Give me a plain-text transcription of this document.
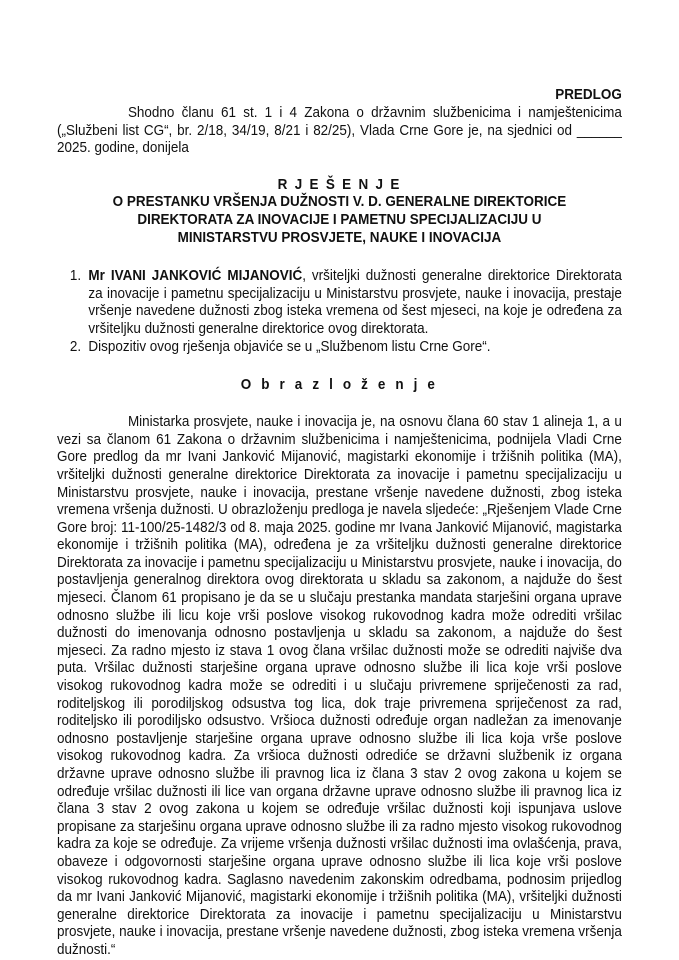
PREDLOG

Shodno članu 61 st. 1 i 4 Zakona o državnim službenicima i namještenicima („Službeni list CG“, br. 2/18, 34/19, 8/21 i 82/25), Vlada Crne Gore je, na sjednici od ______ 2025. godine, donijela

R J E Š E N J E
O PRESTANKU VRŠENJA DUŽNOSTI V. D. GENERALNE DIREKTORICE
DIREKTORATA ZA INOVACIJE I PAMETNU SPECIJALIZACIJU U
MINISTARSTVU PROSVJETE, NAUKE I INOVACIJA
1. Mr IVANI JANKOVIĆ MIJANOVIĆ, vršiteljki dužnosti generalne direktorice Direktorata za inovacije i pametnu specijalizaciju u Ministarstvu prosvjete, nauke i inovacija, prestaje vršenje navedene dužnosti zbog isteka vremena od šest mjeseci, na koje je određena za vršiteljku dužnosti generalne direktorice ovog direktorata.
2. Dispozitiv ovog rješenja objaviće se u „Službenom listu Crne Gore“.
O b r a z l o ž e n j e

Ministarka prosvjete, nauke i inovacija je, na osnovu člana 60 stav 1 alineja 1, a u vezi sa članom 61 Zakona o državnim službenicima i namještenicima, podnijela Vladi Crne Gore predlog da mr Ivani Janković Mijanović, magistarki ekonomije i tržišnih politika (MA), vršiteljki dužnosti generalne direktorice Direktorata za inovacije i pametnu specijalizaciju u Ministarstvu prosvjete, nauke i inovacija, prestane vršenje navedene dužnosti, zbog isteka vremena vršenja dužnosti. U obrazloženju predloga je navela sljedeće: „Rješenjem Vlade Crne Gore broj: 11-100/25-1482/3 od 8. maja 2025. godine mr Ivana Janković Mijanović, magistarka ekonomije i tržišnih politika (MA), određena je za vršiteljku dužnosti generalne direktorice Direktorata za inovacije i pametnu specijalizaciju u Ministarstvu prosvjete, nauke i inovacija, do postavljenja generalnog direktora ovog direktorata u skladu sa zakonom, a najduže do šest mjeseci. Članom 61 propisano je da se u slučaju prestanka mandata starješini organa uprave odnosno službe ili licu koje vrši poslove visokog rukovodnog kadra može odrediti vršilac dužnosti do imenovanja odnosno postavljenja u skladu sa zakonom, a najduže do šest mjeseci. Za radno mjesto iz stava 1 ovog člana vršilac dužnosti može se odrediti najviše dva puta. Vršilac dužnosti starješine organa uprave odnosno službe ili lica koje vrši poslove visokog rukovodnog kadra može se odrediti i u slučaju privremene spriječenosti za rad, roditeljskog ili porodiljskog odsustva tog lica, dok traje privremena spriječenost za rad, roditeljsko ili porodiljsko odsustvo. Vršioca dužnosti određuje organ nadležan za imenovanje odnosno postavljenje starješine organa uprave odnosno službe ili lica koja vrše poslove visokog rukovodnog kadra. Za vršioca dužnosti odrediće se državni službenik iz organa državne uprave odnosno službe ili pravnog lica iz člana 3 stav 2 ovog zakona u kojem se određuje vršilac dužnosti ili lice van organa državne uprave odnosno službe ili pravnog lica iz člana 3 stav 2 ovog zakona u kojem se određuje vršilac dužnosti koji ispunjava uslove propisane za starješinu organa uprave odnosno službe ili za radno mjesto visokog rukovodnog kadra za koje se određuje. Za vrijeme vršenja dužnosti vršilac dužnosti ima ovlašćenja, prava, obaveze i odgovornosti starješine organa uprave odnosno službe ili lica koje vrši poslove visokog rukovodnog kadra. Saglasno navedenim zakonskim odredbama, podnosim prijedlog da mr Ivani Janković Mijanović, magistarki ekonomije i tržišnih politika (MA), vršiteljki dužnosti generalne direktorice Direktorata za inovacije i pametnu specijalizaciju u Ministarstvu prosvjete, nauke i inovacija, prestane vršenje navedene dužnosti, zbog isteka vremena vršenja dužnosti.“
